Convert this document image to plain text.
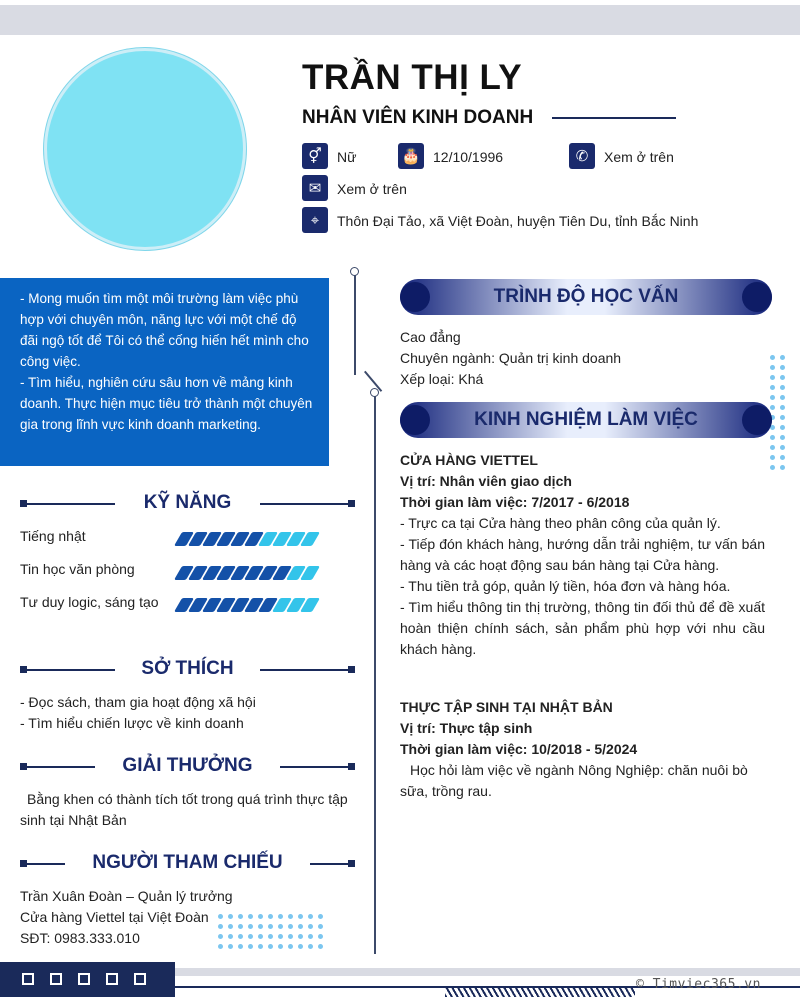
TRẦN THỊ LY
NHÂN VIÊN KINH DOANH
⚥	Nữ	🎂 12/10/1996	✆	Xem ở trên
✉	Xem ở trên
⌖	Thôn Đại Tảo, xã Việt Đoàn, huyện Tiên Du, tỉnh Bắc Ninh

- Mong muốn tìm một môi trường làm việc phù hợp với chuyên môn, năng lực với một chế độ đãi ngộ tốt để Tôi có thể cống hiến hết mình cho công việc.
- Tìm hiểu, nghiên cứu sâu hơn về mảng kinh doanh. Thực hiện mục tiêu trở thành một chuyên gia trong lĩnh vực kinh doanh marketing.

KỸ NĂNG
Tiếng nhật
Tin học văn phòng
Tư duy logic, sáng tạo
SỞ THÍCH
- Đọc sách, tham gia hoạt động xã hội
- Tìm hiểu chiến lược về kinh doanh
GIẢI THƯỞNG
Bằng khen có thành tích tốt trong quá trình thực tập sinh tại Nhật Bản
NGƯỜI THAM CHIẾU
Trần Xuân Đoàn – Quản lý trưởng
Cửa hàng Viettel tại Việt Đoàn
SĐT: 0983.333.010
TRÌNH ĐỘ HỌC VẤN
Cao đẳng
Chuyên ngành: Quản trị kinh doanh
Xếp loại: Khá
KINH NGHIỆM LÀM VIỆC
CỬA HÀNG VIETTEL
Vị trí: Nhân viên giao dịch
Thời gian làm việc: 7/2017 - 6/2018
- Trực ca tại Cửa hàng theo phân công của quản lý.
- Tiếp đón khách hàng, hướng dẫn trải nghiệm, tư vấn bán hàng và các hoạt động sau bán hàng tại Cửa hàng.
- Thu tiền trả góp, quản lý tiền, hóa đơn và hàng hóa.
- Tìm hiểu thông tin thị trường, thông tin đối thủ để đề xuất hoàn thiện chính sách, sản phẩm phù hợp với nhu cầu khách hàng.
THỰC TẬP SINH TẠI NHẬT BẢN
Vị trí: Thực tập sinh
Thời gian làm việc: 10/2018 - 5/2024
Học hỏi làm việc về ngành Nông Nghiệp: chăn nuôi bò sữa, trồng rau.
© Timviec365.vn
